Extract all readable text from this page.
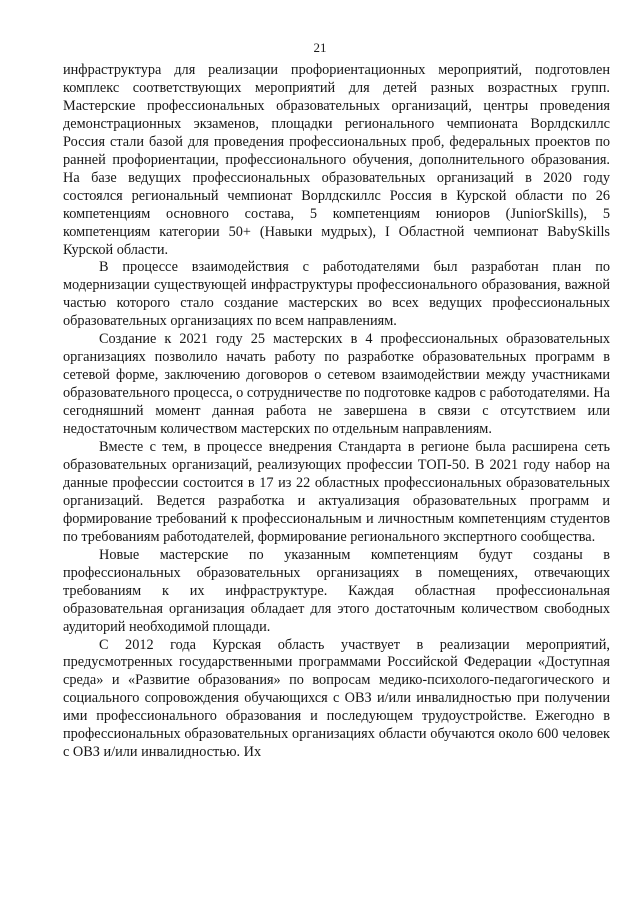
21

инфраструктура для реализации профориентационных мероприятий, подготовлен комплекс соответствующих мероприятий для детей разных возрастных групп. Мастерские профессиональных образовательных организаций, центры проведения демонстрационных экзаменов, площадки регионального чемпионата Ворлдскиллс Россия стали базой для проведения профессиональных проб, федеральных проектов по ранней профориентации, профессионального обучения, дополнительного образования. На базе ведущих профессиональных образовательных организаций в 2020 году состоялся региональный чемпионат Ворлдскиллс Россия в Курской области по 26 компетенциям основного состава, 5 компетенциям юниоров (JuniorSkills), 5 компетенциям категории 50+ (Навыки мудрых), I Областной чемпионат BabySkills Курской области.

В процессе взаимодействия с работодателями был разработан план по модернизации существующей инфраструктуры профессионального образования, важной частью которого стало создание мастерских во всех ведущих профессиональных образовательных организациях по всем направлениям.

Создание к 2021 году 25 мастерских в 4 профессиональных образовательных организациях позволило начать работу по разработке образовательных программ в сетевой форме, заключению договоров о сетевом взаимодействии между участниками образовательного процесса, о сотрудничестве по подготовке кадров с работодателями. На сегодняшний момент данная работа не завершена в связи с отсутствием или недостаточным количеством мастерских по отдельным направлениям.

Вместе с тем, в процессе внедрения Стандарта в регионе была расширена сеть образовательных организаций, реализующих профессии ТОП-50. В 2021 году набор на данные профессии состоится в 17 из 22 областных профессиональных образовательных организаций. Ведется разработка и актуализация образовательных программ и формирование требований к профессиональным и личностным компетенциям студентов по требованиям работодателей, формирование регионального экспертного сообщества.

Новые мастерские по указанным компетенциям будут созданы в профессиональных образовательных организациях в помещениях, отвечающих требованиям к их инфраструктуре. Каждая областная профессиональная образовательная организация обладает для этого достаточным количеством свободных аудиторий необходимой площади.

С 2012 года Курская область участвует в реализации мероприятий, предусмотренных государственными программами Российской Федерации «Доступная среда» и «Развитие образования» по вопросам медико-психолого-педагогического и социального сопровождения обучающихся с ОВЗ и/или инвалидностью при получении ими профессионального образования и последующем трудоустройстве. Ежегодно в профессиональных образовательных организациях области обучаются около 600 человек с ОВЗ и/или инвалидностью. Их
